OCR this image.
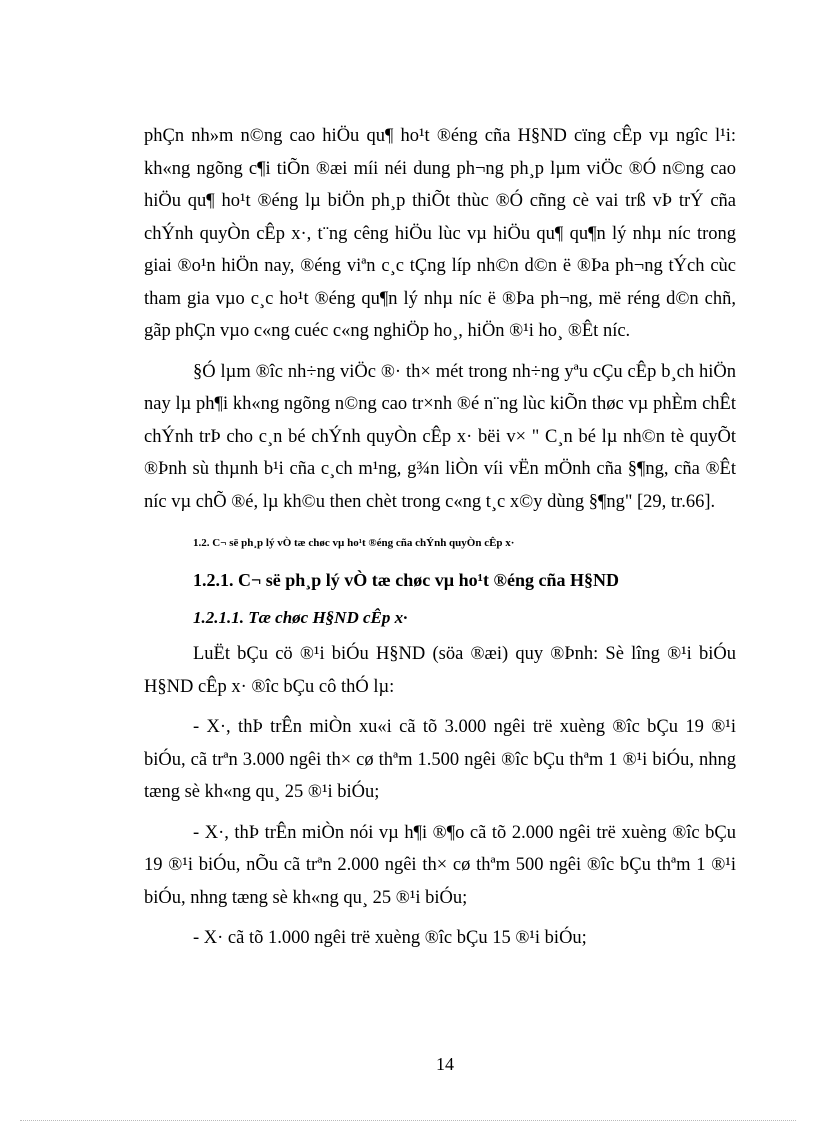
phÇn nh»m n©ng cao hiÖu qu¶ ho¹t ®éng cña H§ND cïng cÊp vµ ngîc l¹i: kh«ng ngõng c¶i tiÕn ®æi míi néi dung ph¬ng ph¸p lµm viÖc ®Ó n©ng cao hiÖu qu¶ ho¹t ®éng lµ biÖn ph¸p thiÕt thùc ®Ó cñng cè vai trß vÞ trÝ cña chÝnh quyÒn cÊp x·, t¨ng cêng hiÖu lùc vµ hiÖu qu¶ qu¶n lý nhµ níc trong giai ®o¹n hiÖn nay, ®éng viªn c¸c tÇng líp nh©n d©n ë ®Þa ph¬ng tÝch cùc tham gia vµo c¸c ho¹t ®éng qu¶n lý nhµ níc ë ®Þa ph¬ng, më réng d©n chñ, gãp phÇn vµo c«ng cuéc c«ng nghiÖp ho¸, hiÖn ®¹i ho¸ ®Êt níc.

§Ó lµm ®îc nh÷ng viÖc ®· th× mét trong nh÷ng yªu cÇu cÊp b¸ch hiÖn nay lµ ph¶i kh«ng ngõng n©ng cao tr×nh ®é n¨ng lùc kiÕn thøc vµ phÈm chÊt chÝnh trÞ cho c¸n bé chÝnh quyÒn cÊp x· bëi v× " C¸n bé lµ nh©n tè quyÕt ®Þnh sù thµnh b¹i cña c¸ch m¹ng, g¾n liÒn víi vËn mÖnh cña §¶ng, cña ®Êt níc vµ chÕ ®é, lµ kh©u then chèt trong c«ng t¸c x©y dùng §¶ng" [29, tr.66].

1.2. C¬ së ph¸p lý vÒ tæ chøc vµ ho¹t ®éng cña chÝnh quyÒn cÊp x·
1.2.1. C¬ së ph¸p lý vÒ tæ chøc vµ ho¹t ®éng cña H§ND
1.2.1.1. Tæ chøc H§ND cÊp x·

LuËt bÇu cö ®¹i biÓu H§ND (söa ®æi) quy ®Þnh: Sè lîng ®¹i biÓu H§ND cÊp x· ®îc bÇu cô thÓ lµ:

- X·, thÞ trÊn miÒn xu«i cã tõ 3.000 ngêi trë xuèng ®îc bÇu 19 ®¹i biÓu, cã trªn 3.000 ngêi th× cø thªm 1.500 ngêi ®îc bÇu thªm 1 ®¹i biÓu, nhng tæng sè kh«ng qu¸ 25 ®¹i biÓu;

- X·, thÞ trÊn miÒn nói vµ h¶i ®¶o cã tõ 2.000 ngêi trë xuèng ®îc bÇu 19 ®¹i biÓu, nÕu cã trªn 2.000 ngêi th× cø thªm 500 ngêi ®îc bÇu thªm 1 ®¹i biÓu, nhng tæng sè kh«ng qu¸ 25 ®¹i biÓu;

- X· cã tõ 1.000 ngêi trë xuèng ®îc bÇu 15 ®¹i biÓu;

14
